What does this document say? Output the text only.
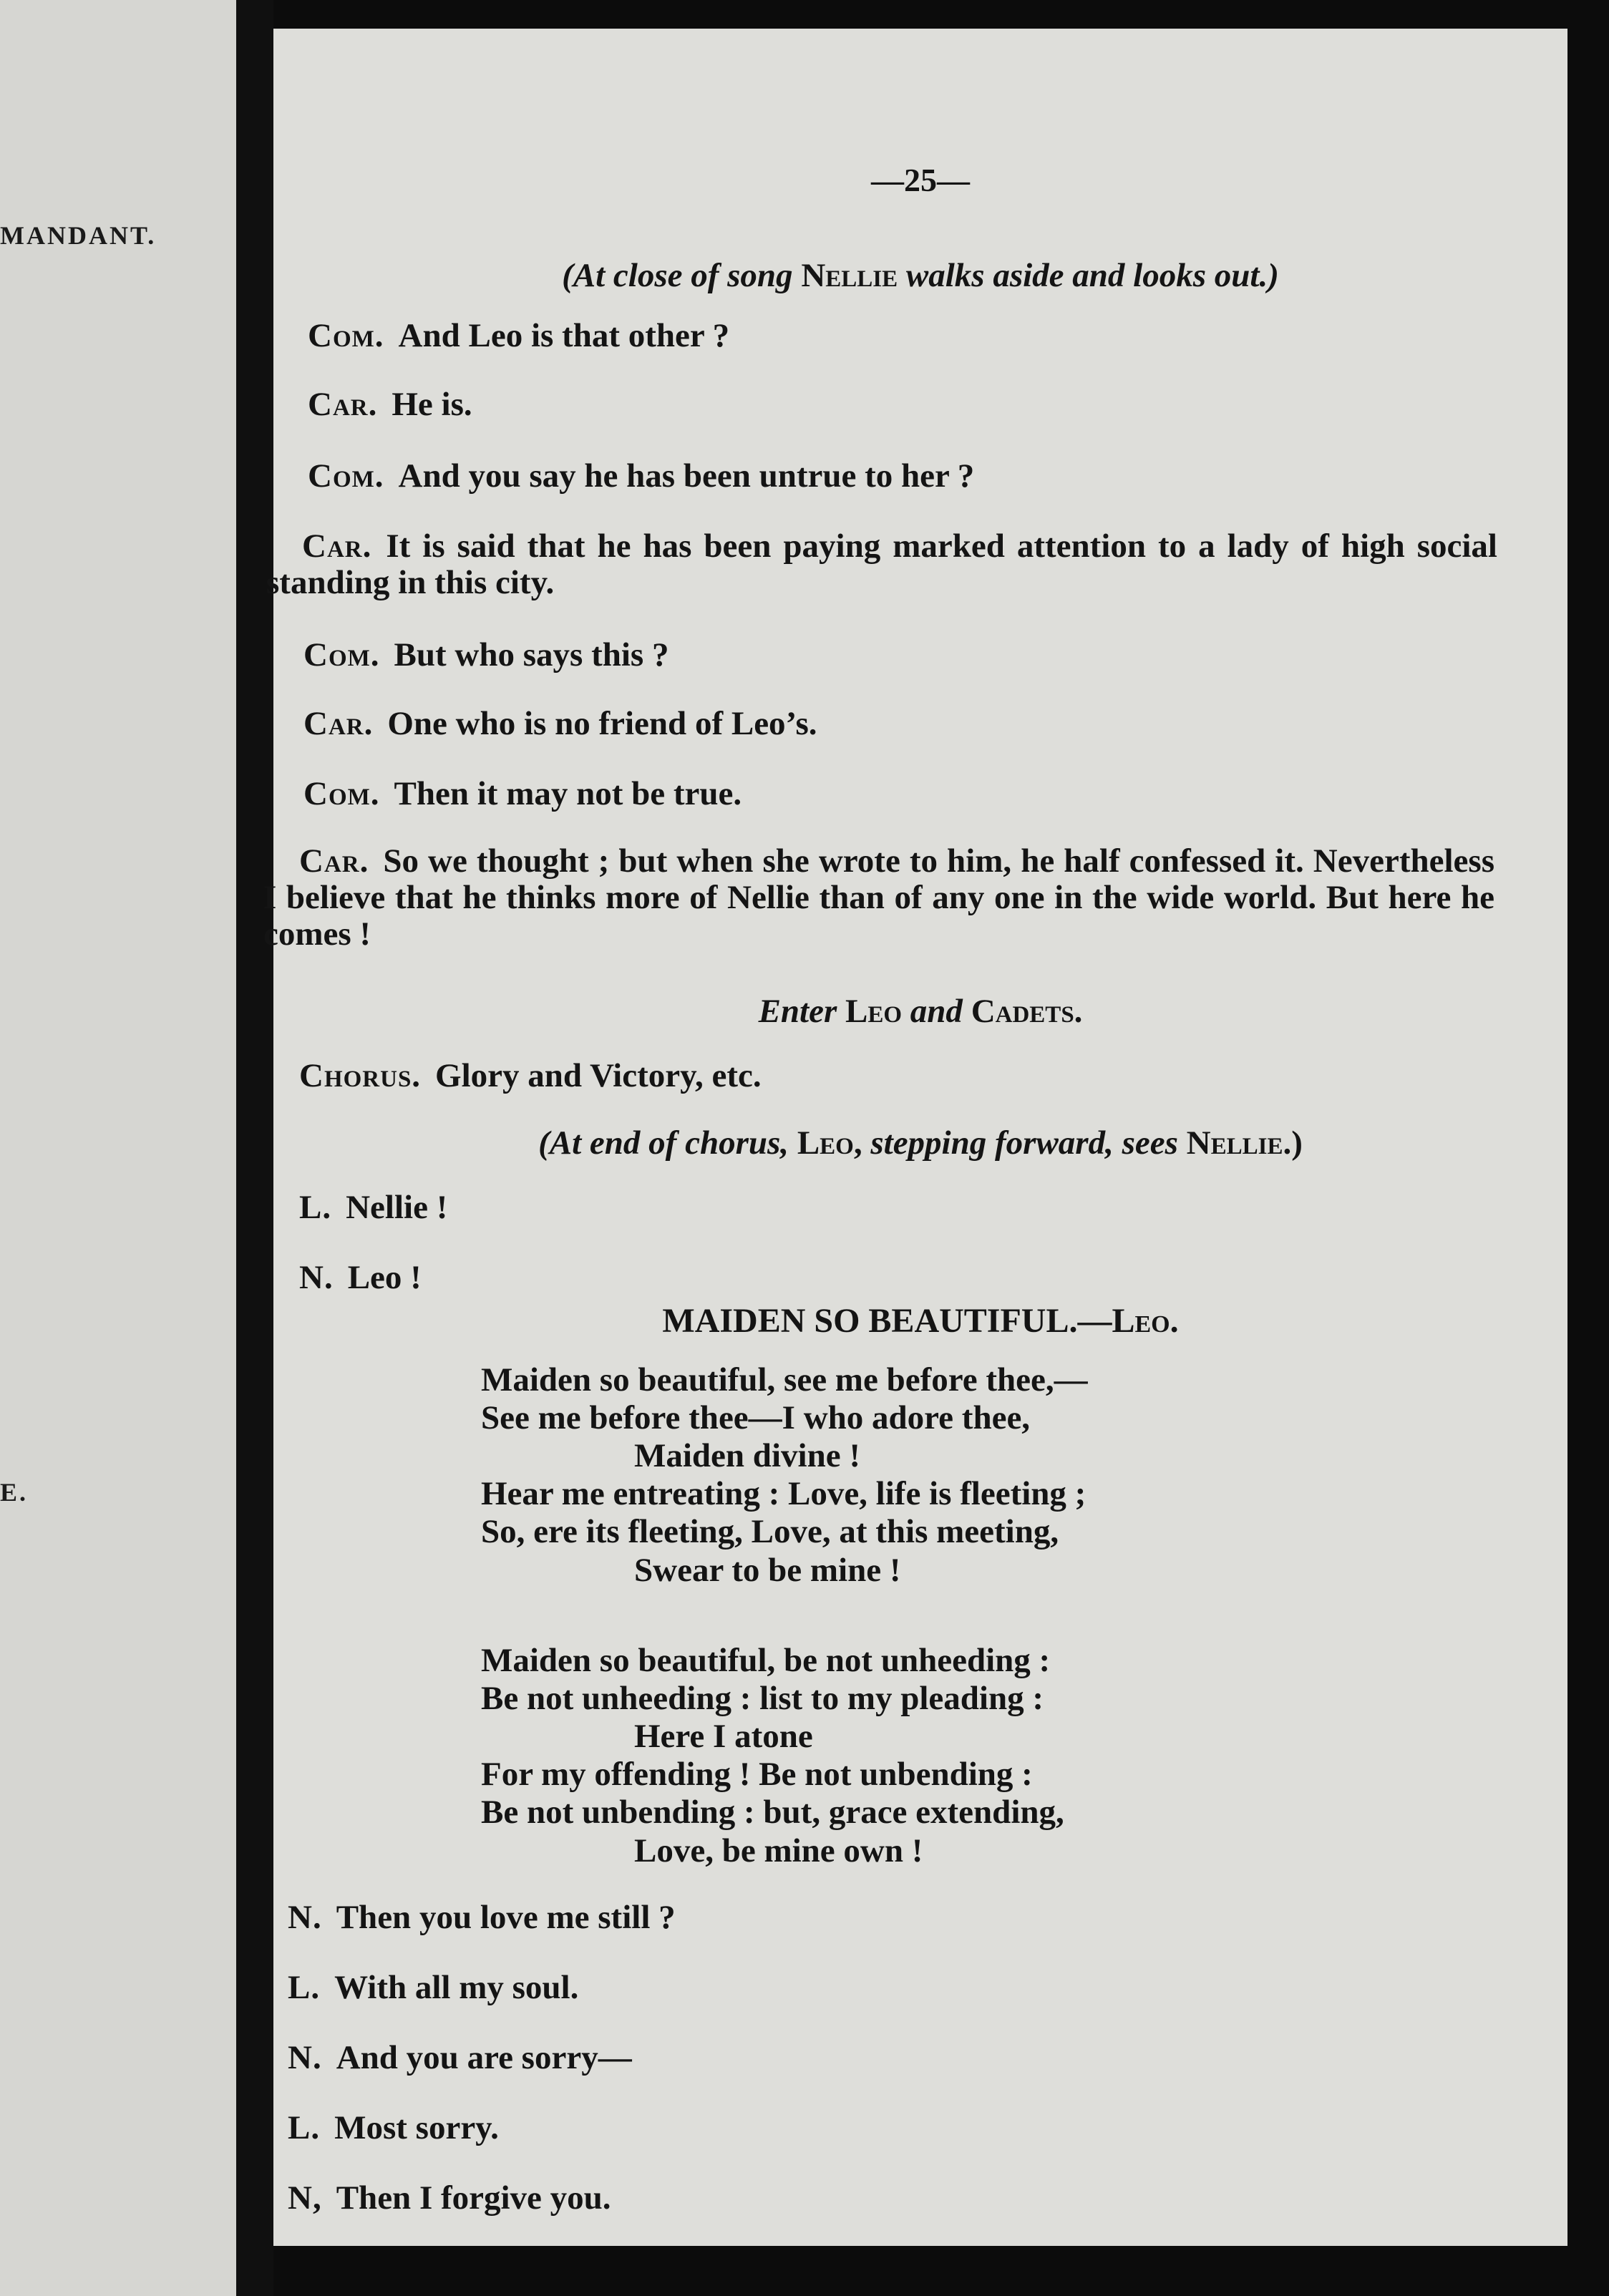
MANDANT.
E.
—25—
(At close of song Nellie walks aside and looks out.)
Com. And Leo is that other ?
Car. He is.
Com. And you say he has been untrue to her ?
Car. It is said that he has been paying marked attention to a lady of high social standing in this city.
Com. But who says this ?
Car. One who is no friend of Leo’s.
Com. Then it may not be true.
Car. So we thought ; but when she wrote to him, he half confessed it. Nevertheless I believe that he thinks more of Nellie than of any one in the wide world. But here he comes !
Enter Leo and Cadets.
Chorus. Glory and Victory, etc.
(At end of chorus, Leo, stepping forward, sees Nellie.)
L. Nellie !
N. Leo !
MAIDEN SO BEAUTIFUL.—Leo.
Maiden so beautiful, see me before thee,—
See me before thee—I who adore thee,
Maiden divine !
Hear me entreating : Love, life is fleeting ;
So, ere its fleeting, Love, at this meeting,
Swear to be mine !
Maiden so beautiful, be not unheeding :
Be not unheeding : list to my pleading :
Here I atone
For my offending ! Be not unbending :
Be not unbending : but, grace extending,
Love, be mine own !
N. Then you love me still ?
L. With all my soul.
N. And you are sorry—
L. Most sorry.
N, Then I forgive you.
